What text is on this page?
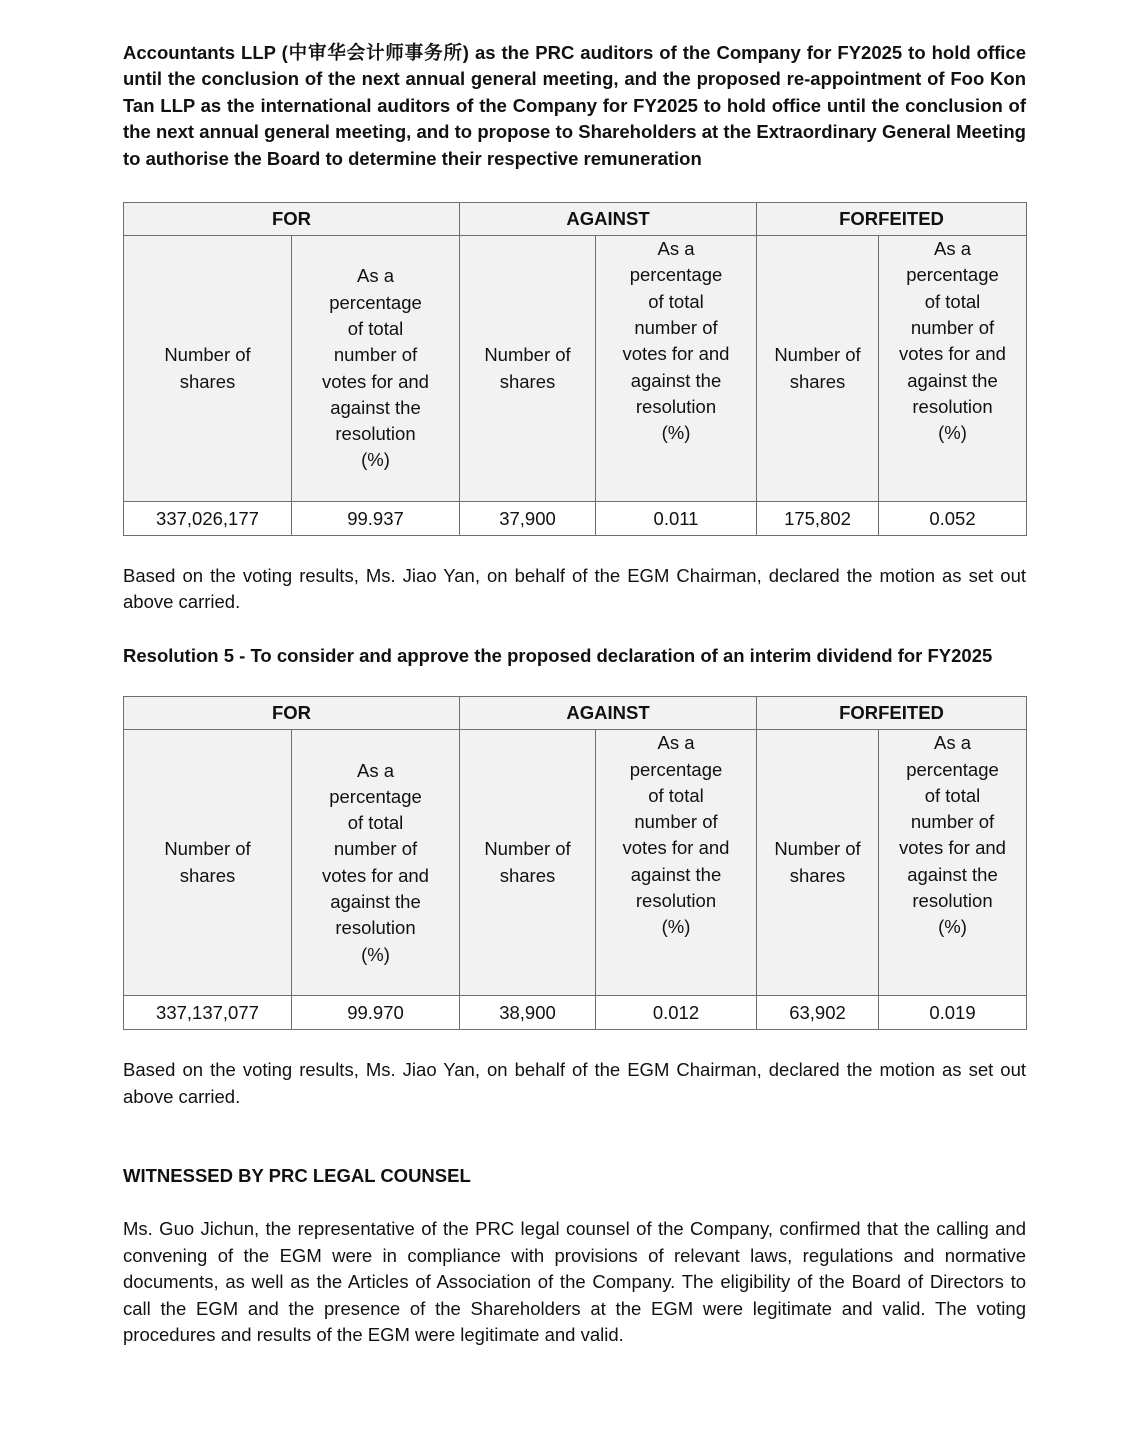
Accountants LLP (中审华会计师事务所) as the PRC auditors of the Company for FY2025 to hold office until the conclusion of the next annual general meeting, and the proposed re-appointment of Foo Kon Tan LLP as the international auditors of the Company for FY2025 to hold office until the conclusion of the next annual general meeting, and to propose to Shareholders at the Extraordinary General Meeting to authorise the Board to determine their respective remuneration

FOR		AGAINST		FORFEITED	

Number of shares	As a percentage of total number of votes for and against the resolution (%)	Number of shares	As a percentage of total number of votes for and against the resolution (%)	Number of shares	As a percentage of total number of votes for and against the resolution (%)

337,026,177	99.937	37,900	0.011	175,802	0.052

Based on the voting results, Ms. Jiao Yan, on behalf of the EGM Chairman, declared the motion as set out above carried.

Resolution 5 - To consider and approve the proposed declaration of an interim dividend for FY2025

FOR		AGAINST		FORFEITED	

Number of shares	As a percentage of total number of votes for and against the resolution (%)	Number of shares	As a percentage of total number of votes for and against the resolution (%)	Number of shares	As a percentage of total number of votes for and against the resolution (%)

337,137,077	99.970	38,900	0.012	63,902	0.019

Based on the voting results, Ms. Jiao Yan, on behalf of the EGM Chairman, declared the motion as set out above carried.

WITNESSED BY PRC LEGAL COUNSEL

Ms. Guo Jichun, the representative of the PRC legal counsel of the Company, confirmed that the calling and convening of the EGM were in compliance with provisions of relevant laws, regulations and normative documents, as well as the Articles of Association of the Company. The eligibility of the Board of Directors to call the EGM and the presence of the Shareholders at the EGM were legitimate and valid. The voting procedures and results of the EGM were legitimate and valid.
